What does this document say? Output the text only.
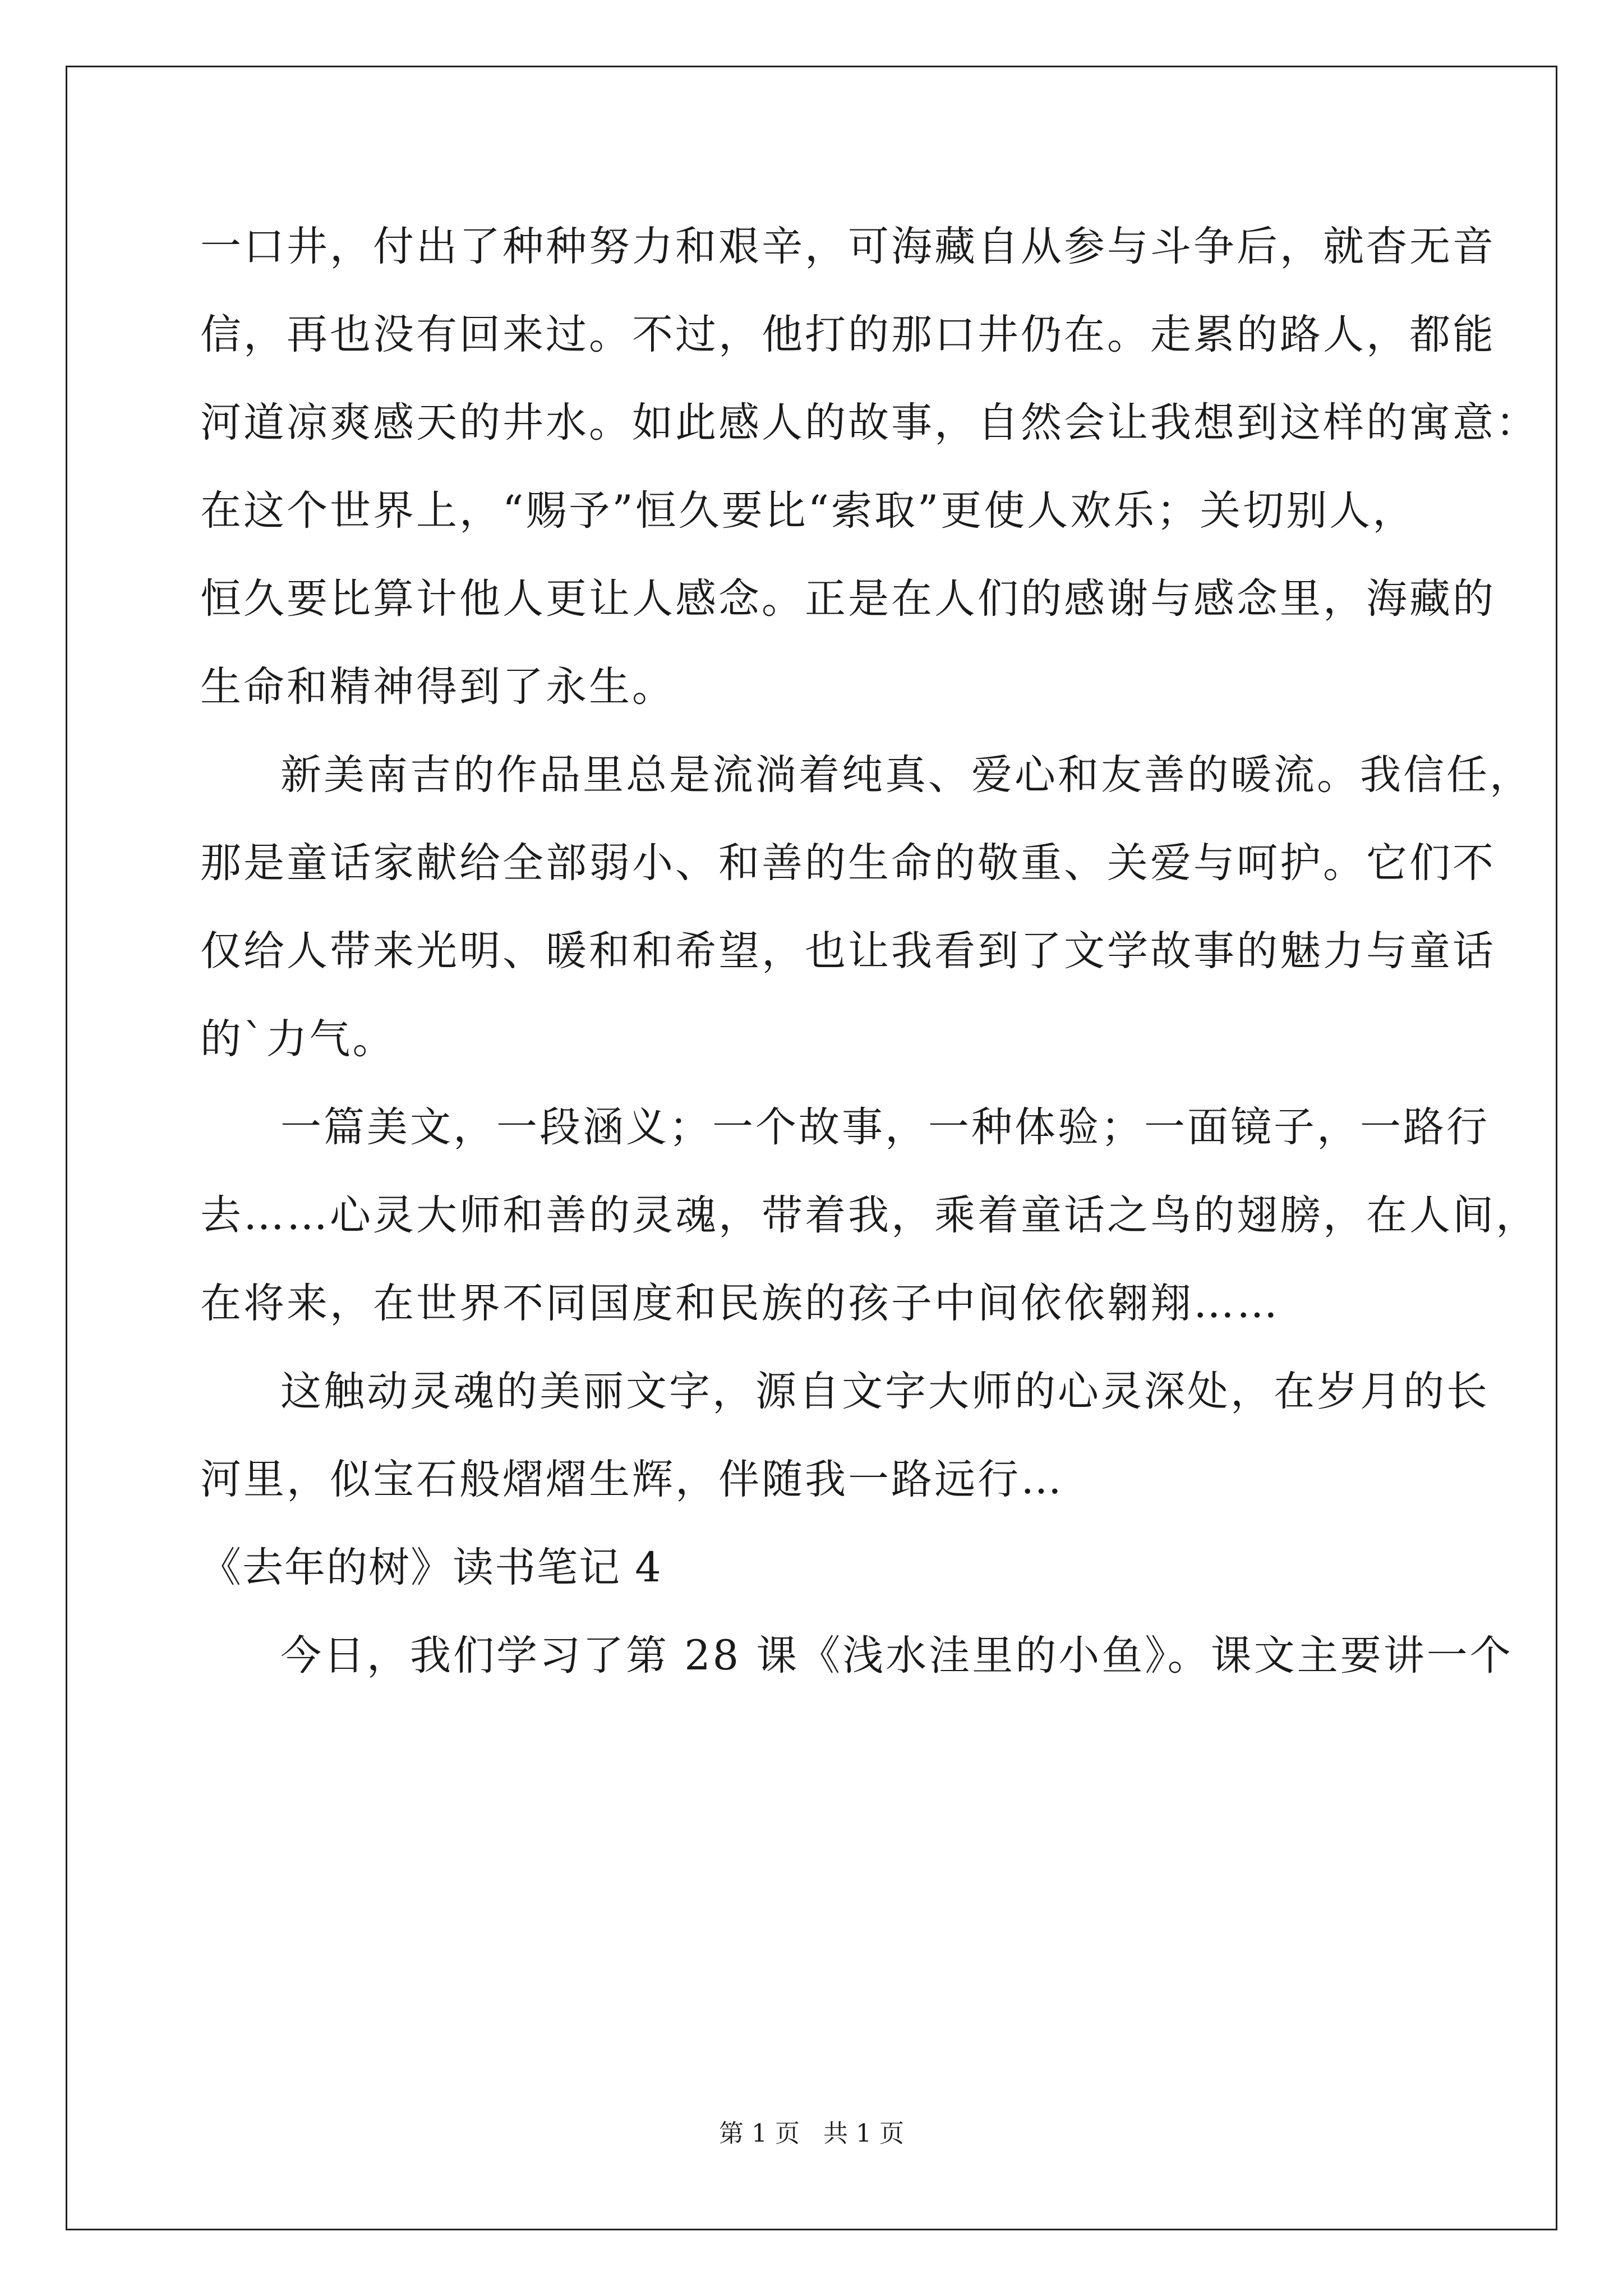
一口井，付出了种种努力和艰辛，可海藏自从参与斗争后，就杳无音
信，再也没有回来过。不过，他打的那口井仍在。走累的路人，都能
河道凉爽感天的井水。如此感人的故事，自然会让我想到这样的寓意：
在这个世界上，“赐予”恒久要比“索取”更使人欢乐；关切别人，
恒久要比算计他人更让人感念。正是在人们的感谢与感念里，海藏的
生命和精神得到了永生。
新美南吉的作品里总是流淌着纯真、爱心和友善的暖流。我信任，
那是童话家献给全部弱小、和善的生命的敬重、关爱与呵护。它们不
仅给人带来光明、暖和和希望，也让我看到了文学故事的魅力与童话
的`力气。
一篇美文，一段涵义；一个故事，一种体验；一面镜子，一路行
去……心灵大师和善的灵魂，带着我，乘着童话之鸟的翅膀，在人间，
在将来，在世界不同国度和民族的孩子中间依依翱翔……
这触动灵魂的美丽文字，源自文字大师的心灵深处，在岁月的长
河里，似宝石般熠熠生辉，伴随我一路远行…
《去年的树》读书笔记 4
今日，我们学习了第 28 课《浅水洼里的小鱼》。课文主要讲一个
第 1 页 共 1 页
